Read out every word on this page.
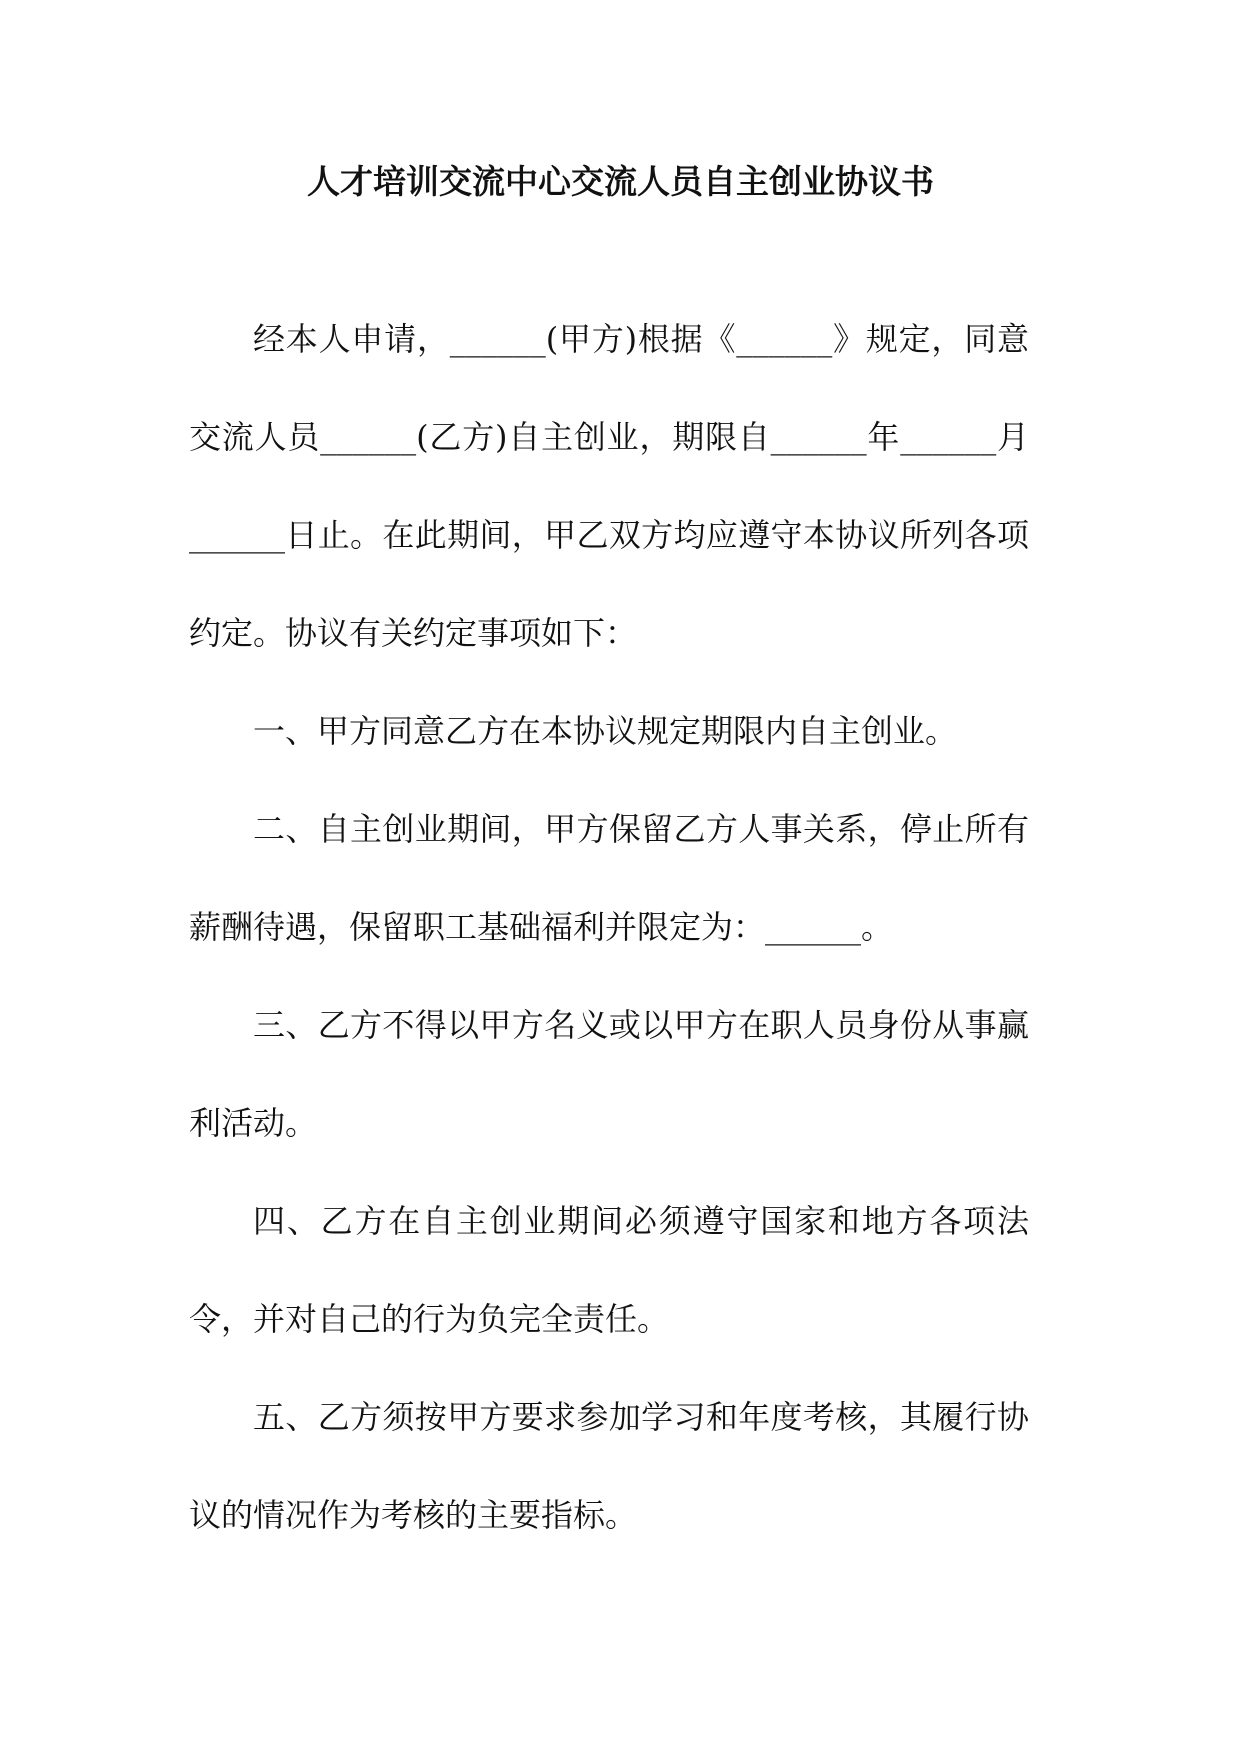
人才培训交流中心交流人员自主创业协议书

经本人申请，______(甲方)根据《______》规定，同意交流人员______(乙方)自主创业，期限自______年______月______日止。在此期间，甲乙双方均应遵守本协议所列各项约定。协议有关约定事项如下：

一、甲方同意乙方在本协议规定期限内自主创业。

二、自主创业期间，甲方保留乙方人事关系，停止所有薪酬待遇，保留职工基础福利并限定为：______。

三、乙方不得以甲方名义或以甲方在职人员身份从事赢利活动。

四、乙方在自主创业期间必须遵守国家和地方各项法令，并对自己的行为负完全责任。

五、乙方须按甲方要求参加学习和年度考核，其履行协议的情况作为考核的主要指标。
